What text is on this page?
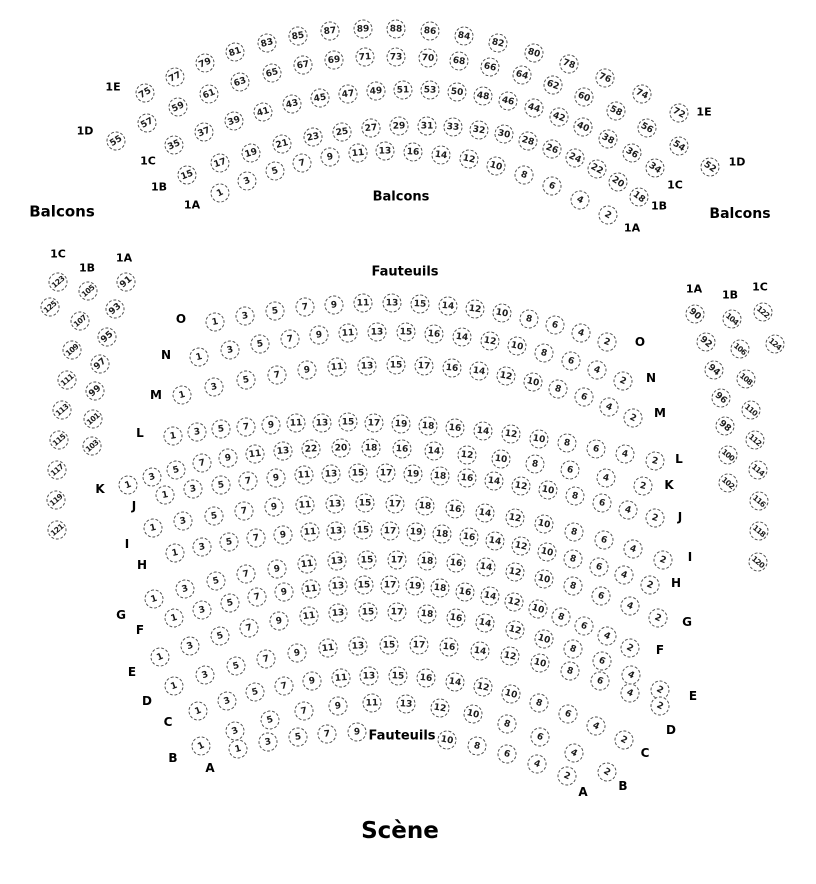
Scène
Balcons
Balcons
Balcons
Fauteuils
Fauteuils
1E
1D
1C
1B
1A
1E
1D
1C
1B
1A
1C
1B
1A
1A 1B
1C
O
N
M
L
K
J
I
H
G
F
E
D
C
B
A
O
N
M
L
K
J
I
H
G
F
E
D
C
B
A
75
77
79
81
83
85	87	89	88	86	84
82
80
78
76
74
72
55
57
59
61
63
65
67	69	71	73	70	68	66
64
62
60
58
56
54
52
35
37
39
41
43	45	47	49	51	53	50	48	46
44
42
40
38
36
34
15
17
19
21
23	25	27	29	31	33	32	30	28
26
24
22
20
18
1
3
5
7
9	11	13	16	14	12
10
8
6
4
2
1
3	5	7	9	11	13	15	14	12	10	8
6
4
2
1
3
5	7	9	11	13	15	16	14	12	10
8
6
4
2
1
3
5
7	9	11	13	15	17	16	14	12	10
8
6
4
2
1	3	5	7	9	11	13	15	17	19	18	16	14	12	10	8	6
4
2
1
3
5
7	9	11	13	22	20	18	16	14	12	10	8
6
4
2
1
3	5	7	9	11	13	15	17	19	18	16	14	12	10	8
6
4
2
1
3
5	7	9	11	13	15	17	18	16	14	12	10
8
6
4
2
1
3	5	7	9	11	13	15	17	19	18	16	14	12	10
8
6
4
2
1
3
5
7
9	11	13	15	17	18	16	14	12
10
8
6
4
2
1
3
5
7	9	11	13	15	17	19	18	16	14	12
10
8
6
4
2
1
3
5
7
9	11	13	15	17	18	16	14
12
10
8
6
4
2
1
3
5
7
9	11	13	15	17	16	14	12
10
8
6
4
2
1
3
5
7	9	11	13	15	16	14	12
10
8
6
4
2
1
3
5
7	9	11	13	12
10
8
6
4
2
1
3	5	7	9
10
8
6
4
2
91
93
95
97
99
101
103
105
107
109
111
113
115
117
119
121
123
125	90
92
94
96
98
100
102
104
106
108
110
112
114
116
118
120
122
124
